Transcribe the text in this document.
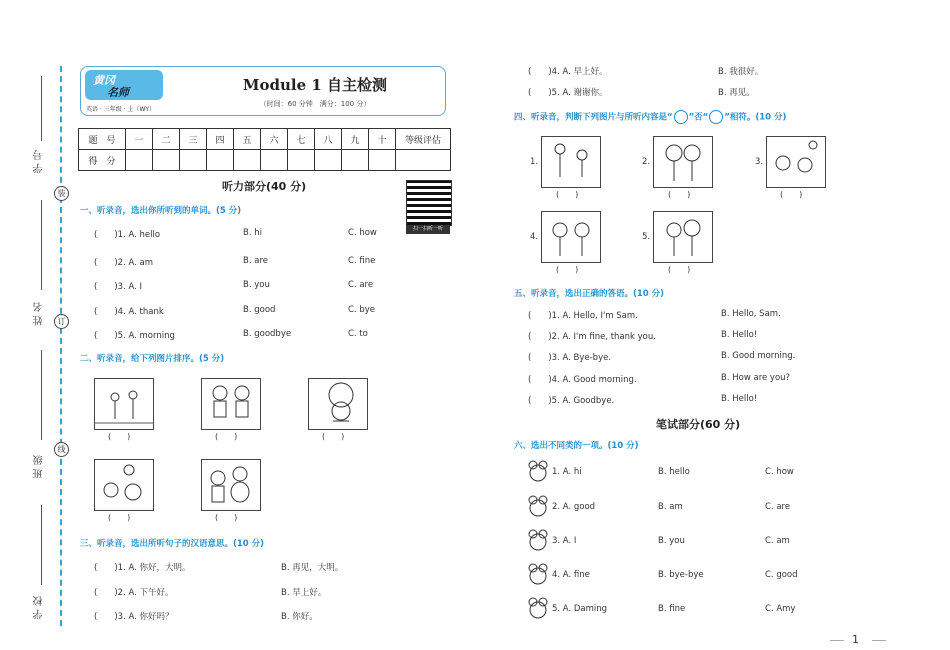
学 号
姓 名
班 级
学 校
装
订
线
黄冈
名师
英语 · 三年级 · 上（WY）
Module 1 自主检测
（时间：60 分钟　满分：100 分）
题　号	一	二	三	四	五	六	七	八	九	十	等级评估
得　分											
听力部分(40 分)
扫一扫听一听
一、听录音，选出你所听到的单词。(5 分)
(　　)1. A. hello	B. hi	C. how
(　　)2. A. am	B. are	C. fine
(　　)3. A. I	B. you	C. are
(　　)4. A. thank	B. good	C. bye
(　　)5. A. morning	B. goodbye	C. to
二、听录音，给下列图片排序。(5 分)
(　　)	(　　)	(　　)
(　　)	(　　)
三、听录音，选出所听句子的汉语意思。(10 分)
(　　)1. A. 你好，大明。	B. 再见，大明。
(　　)2. A. 下午好。	B. 早上好。
(　　)3. A. 你好吗？	B. 你好。
(　　)4. A. 早上好。	B. 我很好。
(　　)5. A. 谢谢你。	B. 再见。
四、听录音，判断下列图片与所听内容是“ ”否“ ”相符。(10 分)
1.
(　　)
2.
(　　)
3.
(　　)
4.
(　　)
5.
(　　)
五、听录音，选出正确的答语。(10 分)
(　　)1. A. Hello, I'm Sam.	B. Hello, Sam.
(　　)2. A. I'm fine, thank you.	B. Hello!
(　　)3. A. Bye-bye.	B. Good morning.
(　　)4. A. Good morning.	B. How are you?
(　　)5. A. Goodbye.	B. Hello!
笔试部分(60 分)
六、选出不同类的一项。(10 分)
1. A. hi	B. hello	C. how
2. A. good	B. am	C. are
3. A. I	B. you	C. am
4. A. fine	B. bye-bye	C. good
5. A. Daming	B. fine	C. Amy
1
